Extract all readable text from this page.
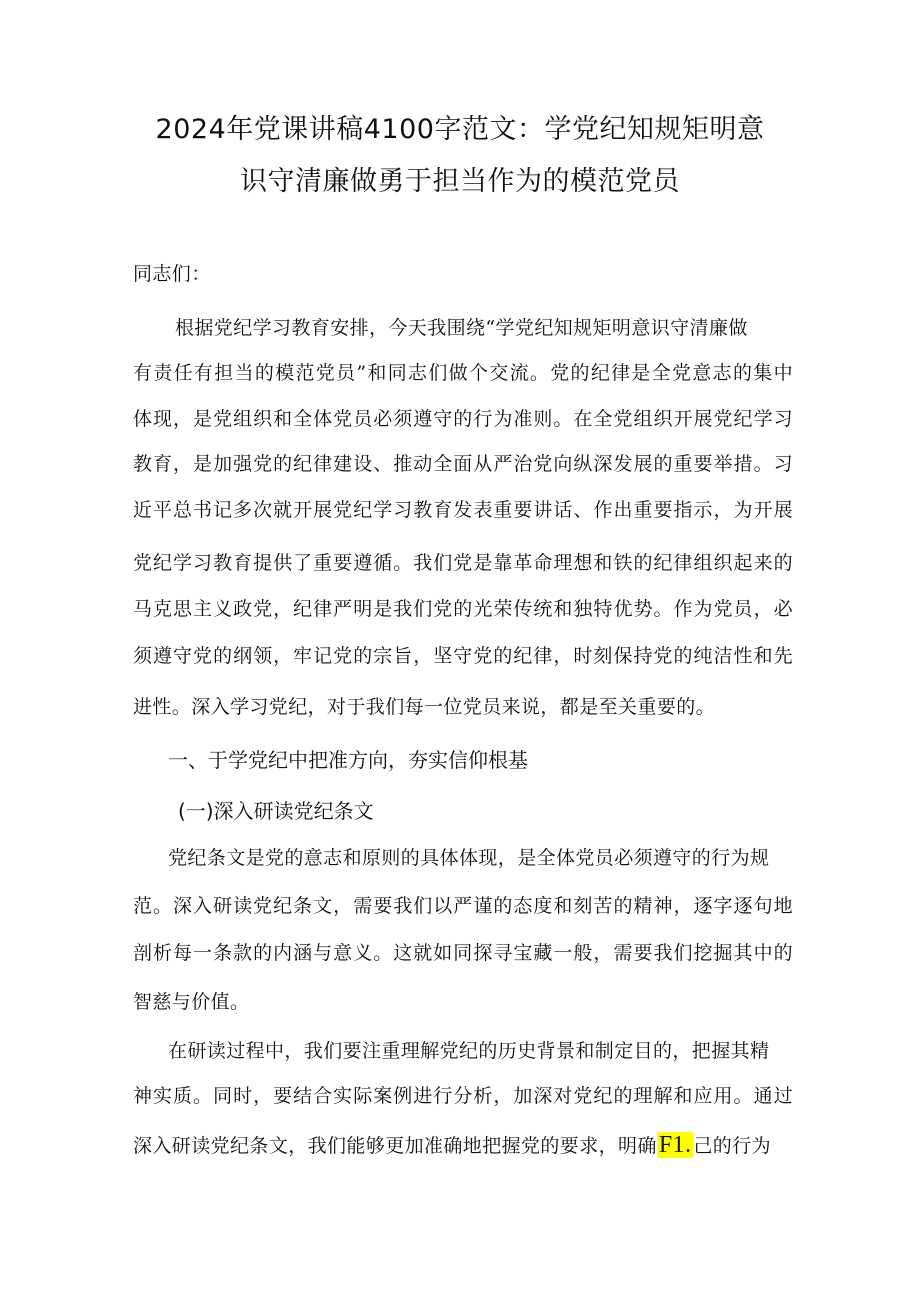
2024年党课讲稿4100字范文：学党纪知规矩明意
识守清廉做勇于担当作为的模范党员
同志们：
根据党纪学习教育安排，今天我围绕“学党纪知规矩明意识守清廉做
有责任有担当的模范党员”和同志们做个交流。党的纪律是全党意志的集中
体现，是党组织和全体党员必须遵守的行为准则。在全党组织开展党纪学习
教育，是加强党的纪律建设、推动全面从严治党向纵深发展的重要举措。习
近平总书记多次就开展党纪学习教育发表重要讲话、作出重要指示，为开展
党纪学习教育提供了重要遵循。我们党是靠革命理想和铁的纪律组织起来的
马克思主义政党，纪律严明是我们党的光荣传统和独特优势。作为党员，必
须遵守党的纲领，牢记党的宗旨，坚守党的纪律，时刻保持党的纯洁性和先
进性。深入学习党纪，对于我们每一位党员来说，都是至关重要的。
一、于学党纪中把准方向，夯实信仰根基
(一)深入研读党纪条文
党纪条文是党的意志和原则的具体体现，是全体党员必须遵守的行为规
范。深入研读党纪条文，需要我们以严谨的态度和刻苦的精神，逐字逐句地
剖析每一条款的内涵与意义。这就如同探寻宝藏一般，需要我们挖掘其中的
智慈与价值。
在研读过程中，我们要注重理解党纪的历史背景和制定目的，把握其精
神实质。同时，要结合实际案例进行分析，加深对党纪的理解和应用。通过
深入研读党纪条文，我们能够更加准确地把握党的要求，明确F1. 己的行为
